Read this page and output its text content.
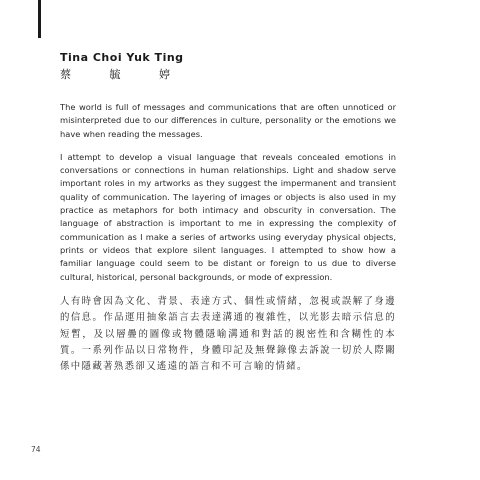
Tina Choi Yuk Ting
蔡	毓	婷

The world is full of messages and communications that are often unnoticed or misinterpreted due to our differences in culture, personality or the emotions we have when reading the messages.

I attempt to develop a visual language that reveals concealed emotions in conversations or connections in human relationships. Light and shadow serve important roles in my artworks as they suggest the impermanent and transient quality of communication. The layering of images or objects is also used in my practice as metaphors for both intimacy and obscurity in conversation. The language of abstraction is important to me in expressing the complexity of communication as I make a series of artworks using everyday physical objects, prints or videos that explore silent languages. I attempted to show how a familiar language could seem to be distant or foreign to us due to diverse cultural, historical, personal backgrounds, or mode of expression.

人有時會因為文化、背景、表達方式、個性或情緒，忽視或誤解了身邊的信息。作品運用抽象語言去表達溝通的複雜性，以光影去暗示信息的短暫，及以層疊的圖像或物體隱喻溝通和對話的親密性和含糊性的本質。一系列作品以日常物件，身體印記及無聲錄像去訴說一切於人際關係中隱藏著熟悉卻又遙遠的語言和不可言喻的情緒。

74
